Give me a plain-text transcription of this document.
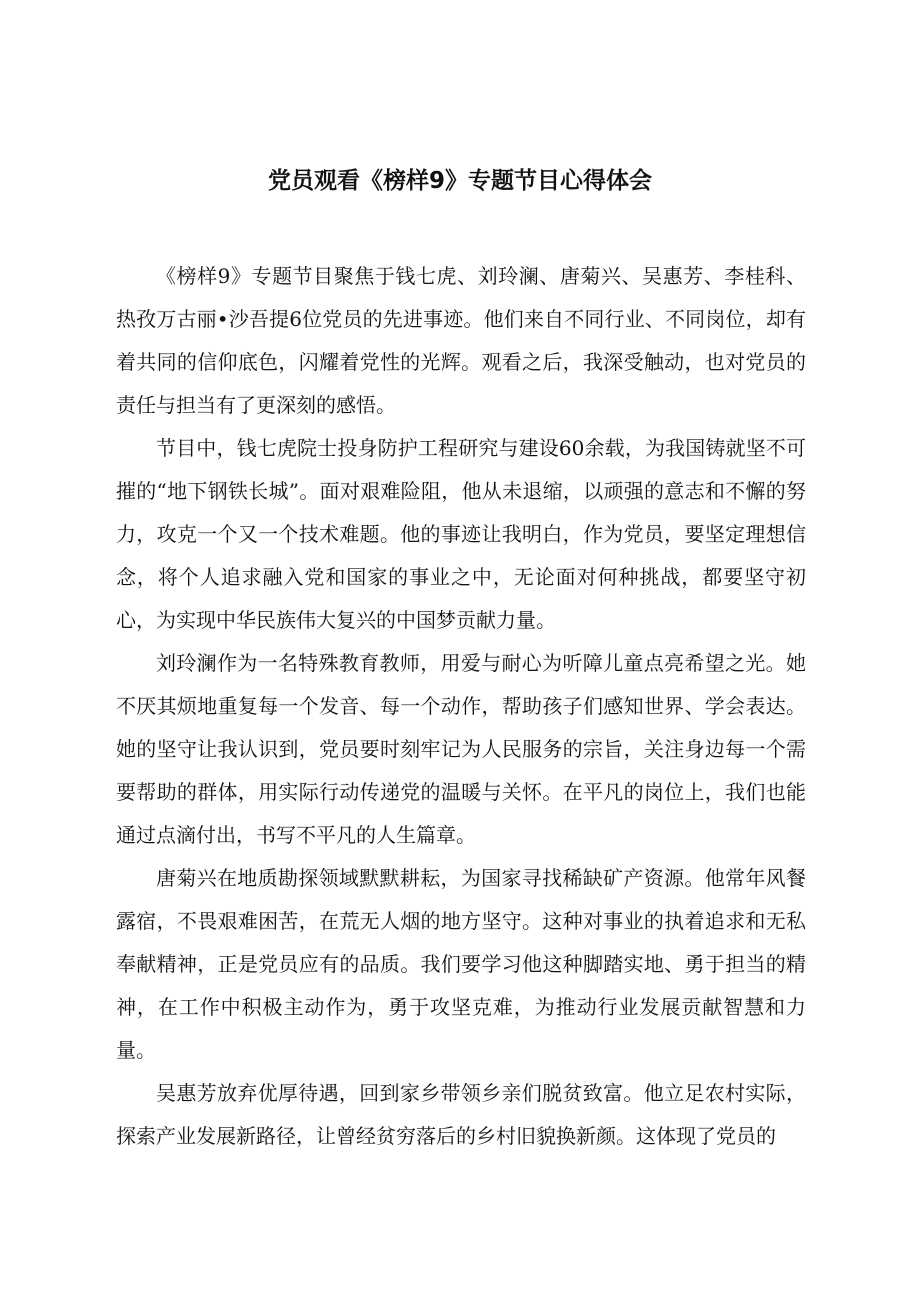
党员观看《榜样9》专题节目心得体会

《榜样9》专题节目聚焦于钱七虎、刘玲澜、唐菊兴、吴惠芳、李桂科、热孜万古丽•沙吾提6位党员的先进事迹。他们来自不同行业、不同岗位，却有着共同的信仰底色，闪耀着党性的光辉。观看之后，我深受触动，也对党员的责任与担当有了更深刻的感悟。

节目中，钱七虎院士投身防护工程研究与建设60余载，为我国铸就坚不可摧的“地下钢铁长城”。面对艰难险阻，他从未退缩，以顽强的意志和不懈的努力，攻克一个又一个技术难题。他的事迹让我明白，作为党员，要坚定理想信念，将个人追求融入党和国家的事业之中，无论面对何种挑战，都要坚守初心，为实现中华民族伟大复兴的中国梦贡献力量。

刘玲澜作为一名特殊教育教师，用爱与耐心为听障儿童点亮希望之光。她不厌其烦地重复每一个发音、每一个动作，帮助孩子们感知世界、学会表达。她的坚守让我认识到，党员要时刻牢记为人民服务的宗旨，关注身边每一个需要帮助的群体，用实际行动传递党的温暖与关怀。在平凡的岗位上，我们也能通过点滴付出，书写不平凡的人生篇章。

唐菊兴在地质勘探领域默默耕耘，为国家寻找稀缺矿产资源。他常年风餐露宿，不畏艰难困苦，在荒无人烟的地方坚守。这种对事业的执着追求和无私奉献精神，正是党员应有的品质。我们要学习他这种脚踏实地、勇于担当的精神，在工作中积极主动作为，勇于攻坚克难，为推动行业发展贡献智慧和力量。

吴惠芳放弃优厚待遇，回到家乡带领乡亲们脱贫致富。他立足农村实际，探索产业发展新路径，让曾经贫穷落后的乡村旧貌换新颜。这体现了党员的
